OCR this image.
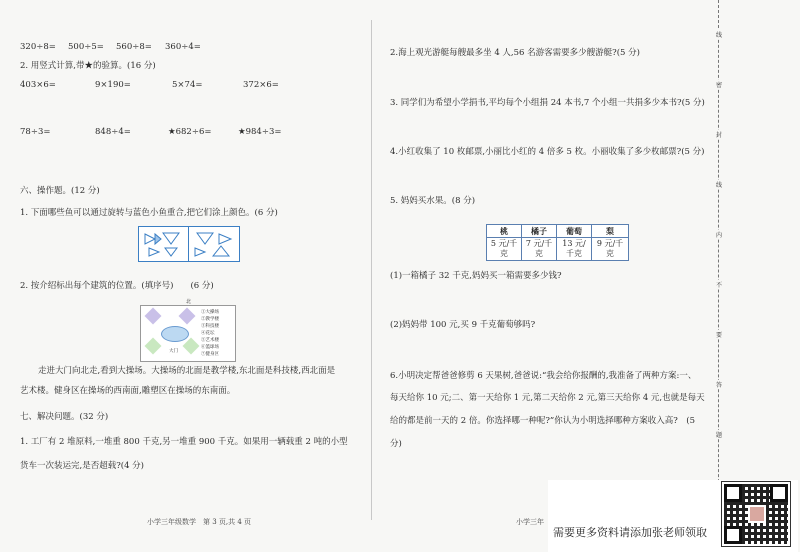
320÷8= 500÷5= 560÷8= 360÷4=
2. 用竖式计算,带★的验算。(16 分)
403×6=	9×190=	5×74=	372×6=
78÷3=	848÷4=	★682÷6=	★984÷3=
六、操作题。(12 分)
1. 下面哪些鱼可以通过旋转与蓝色小鱼重合,把它们涂上颜色。(6 分)
2. 按介绍标出每个建筑的位置。(填序号)　　(6 分)
北
①大操场
②教学楼
③科技楼
④花坛
⑤艺术楼
⑥篮球场
⑦健身区
大门
走进大门向北走,看到大操场。大操场的北面是教学楼,东北面是科技楼,西北面是
艺术楼。健身区在操场的西南面,雕塑区在操场的东南面。
七、解决问题。(32 分)
1. 工厂有 2 堆原料,一堆重 800 千克,另一堆重 900 千克。如果用一辆载重 2 吨的小型
货车一次装运完,是否超载?(4 分)
小学三年级数学　第 3 页,共 4 页
2.海上观光游艇每艘最多坐 4 人,56 名游客需要多少艘游艇?(5 分)
3. 同学们为希望小学捐书,平均每个小组捐 24 本书,7 个小组一共捐多少本书?(5 分)
4.小红收集了 10 枚邮票,小丽比小红的 4 倍多 5 枚。小丽收集了多少枚邮票?(5 分)
5. 妈妈买水果。(8 分)
桃	橘子	葡萄	梨
5 元/千克	7 元/千克	13 元/千克	9 元/千克
(1)一箱橘子 32 千克,妈妈买一箱需要多少钱?
(2)妈妈带 100 元,买 9 千克葡萄够吗?
6.小明决定帮爸爸修剪 6 天果树,爸爸说:“我会给你报酬的,我准备了两种方案:一、
每天给你 10 元;二、第一天给你 1 元,第二天给你 2 元,第三天给你 4 元,也就是每天
给的都是前一天的 2 倍。你选择哪一种呢?”你认为小明选择哪种方案收入高?　(5
分)
小学三年
线
密
封
线
内
不
要
答
题
需要更多资料请添加张老师领取
